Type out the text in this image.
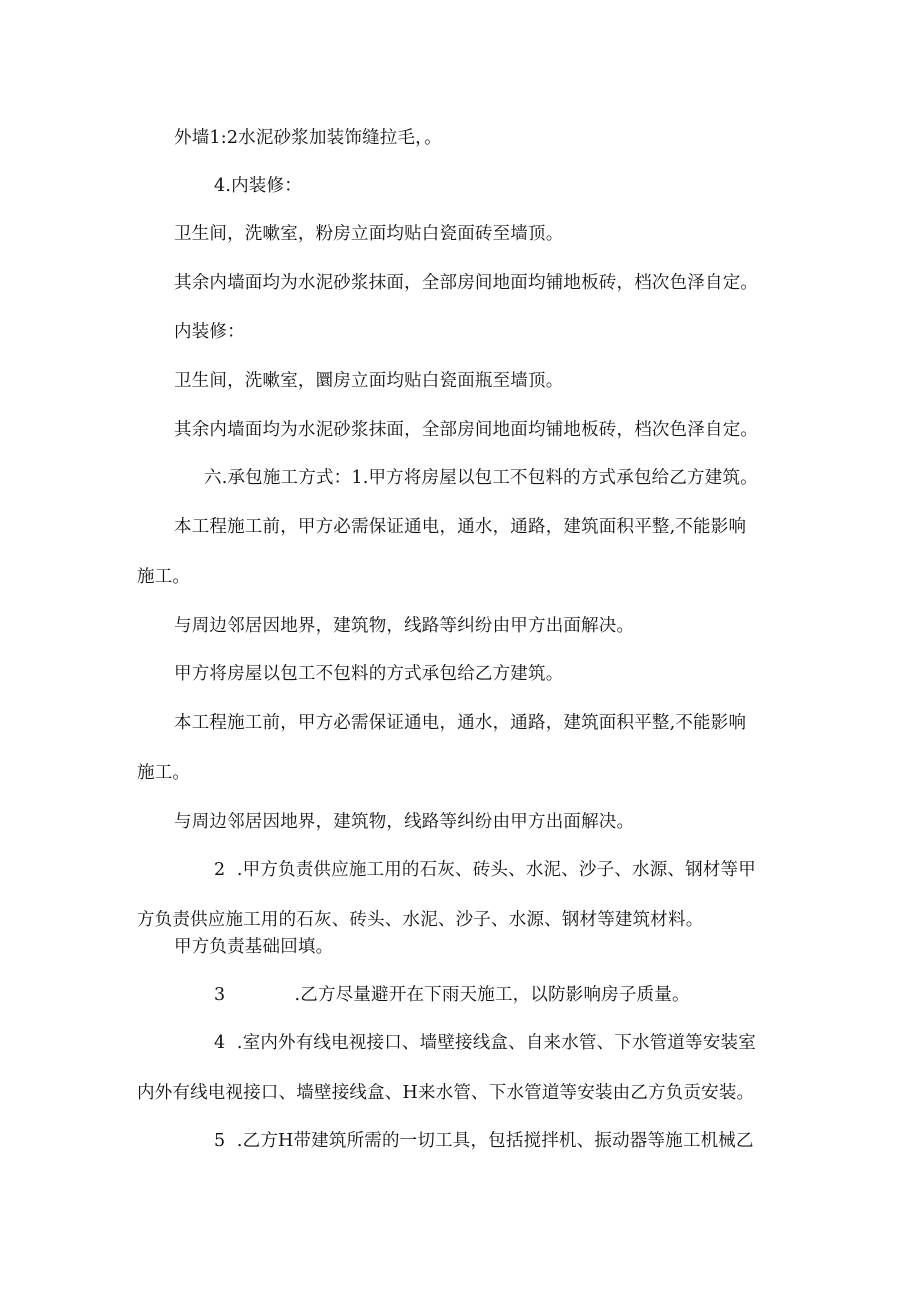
外墙1:2水泥砂浆加装饰缝拉毛，。
4.内装修：
卫生间，洗嗽室，粉房立面均贴白瓷面砖至墙顶。
其余内墙面均为水泥砂浆抹面，全部房间地面均铺地板砖，档次色泽自定。
内装修：
卫生间，洗嗽室，圜房立面均贴白瓷面瓶至墙顶。
其余内墙面均为水泥砂浆抹面，全部房间地面均铺地板砖，档次色泽自定。
六.承包施工方式：1.甲方将房屋以包工不包料的方式承包给乙方建筑。
本工程施工前，甲方必需保证通电，通水，通路，建筑面积平整,不能影响
施工。
与周边邻居因地界，建筑物，线路等纠纷由甲方出面解决。
甲方将房屋以包工不包料的方式承包给乙方建筑。
本工程施工前，甲方必需保证通电，通水，通路，建筑面积平整,不能影响
施工。
与周边邻居因地界，建筑物，线路等纠纷由甲方出面解决。
2  .甲方负责供应施工用的石灰、砖头、水泥、沙子、水源、钢材等甲
方负责供应施工用的石灰、砖头、水泥、沙子、水源、钢材等建筑材料。
甲方负责基础回填。
3            .乙方尽量避开在下雨天施工，以防影响房子质量。
4  .室内外有线电视接口、墙壁接线盒、自来水管、下水管道等安装室
内外有线电视接口、墙壁接线盒、H来水管、下水管道等安装由乙方负贡安装。
5  .乙方H带建筑所需的一切工具，包括搅拌机、振动器等施工机械乙
